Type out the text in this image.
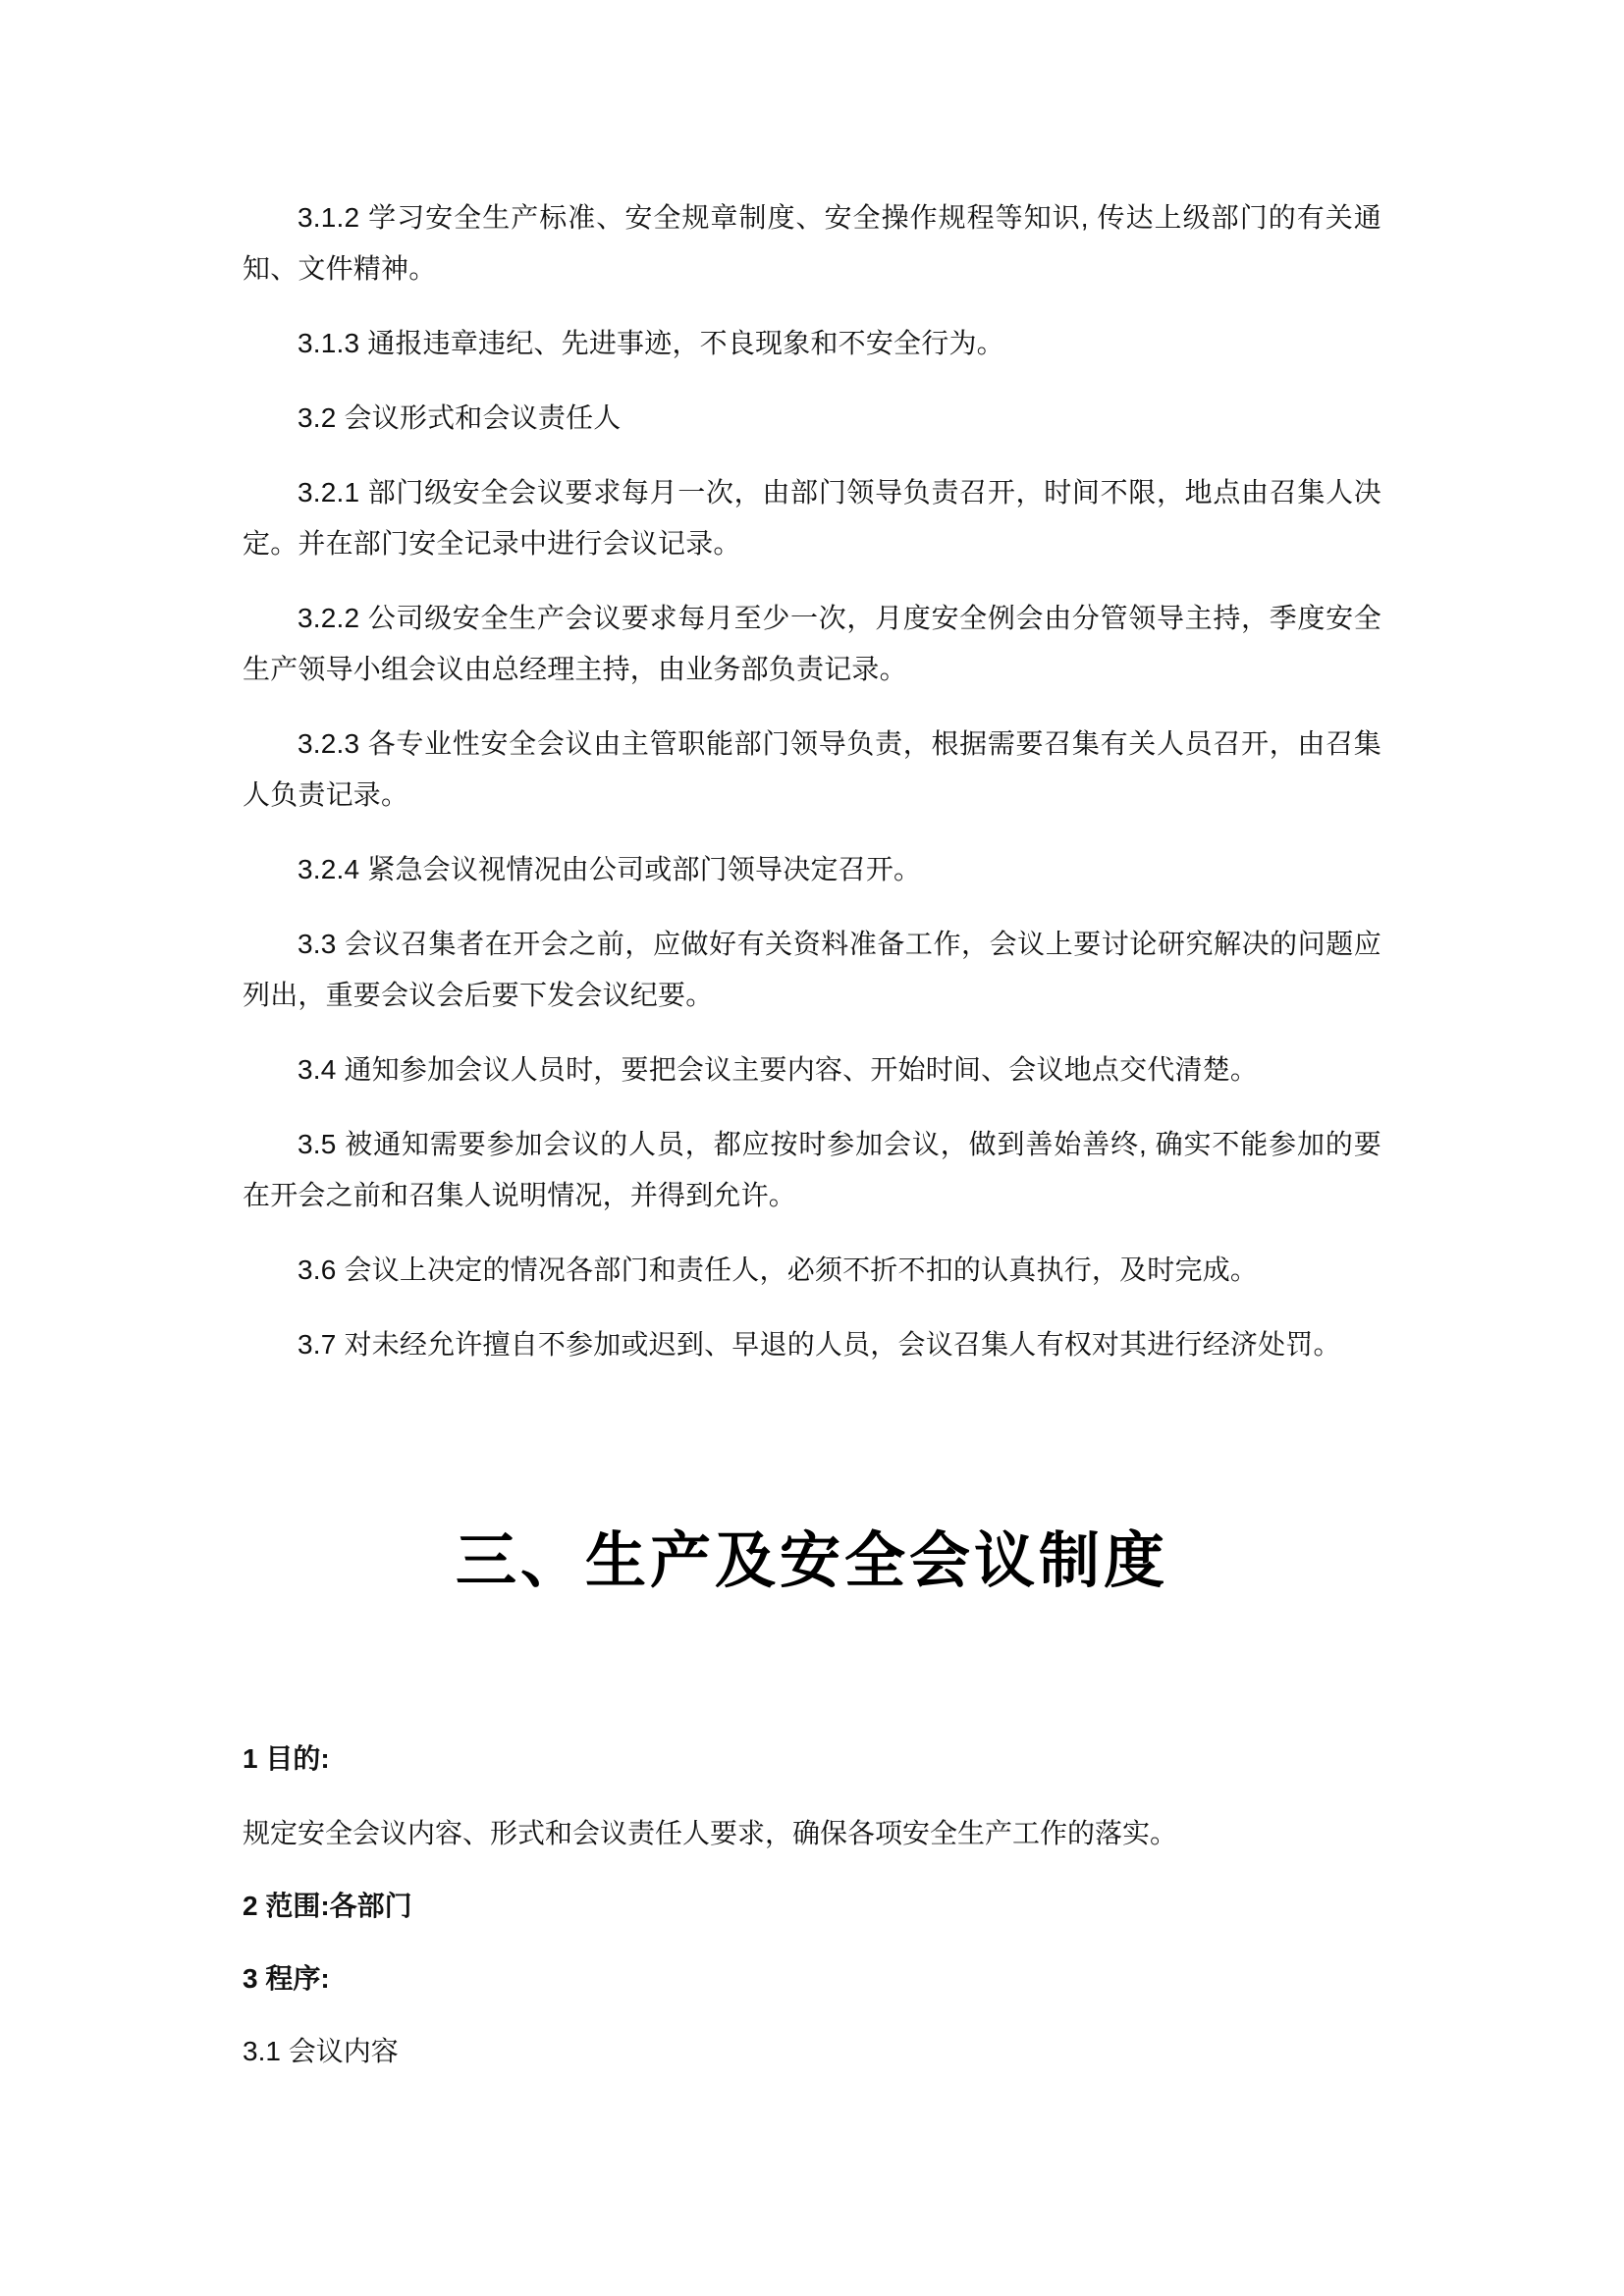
3.1.2 学习安全生产标准、安全规章制度、安全操作规程等知识, 传达上级部门的有关通知、文件精神。

3.1.3 通报违章违纪、先进事迹，不良现象和不安全行为。

3.2 会议形式和会议责任人

3.2.1 部门级安全会议要求每月一次，由部门领导负责召开，时间不限，地点由召集人决定。并在部门安全记录中进行会议记录。

3.2.2 公司级安全生产会议要求每月至少一次，月度安全例会由分管领导主持，季度安全生产领导小组会议由总经理主持，由业务部负责记录。

3.2.3 各专业性安全会议由主管职能部门领导负责，根据需要召集有关人员召开，由召集人负责记录。

3.2.4 紧急会议视情况由公司或部门领导决定召开。

3.3 会议召集者在开会之前，应做好有关资料准备工作，会议上要讨论研究解决的问题应列出，重要会议会后要下发会议纪要。

3.4 通知参加会议人员时，要把会议主要内容、开始时间、会议地点交代清楚。

3.5 被通知需要参加会议的人员，都应按时参加会议，做到善始善终, 确实不能参加的要在开会之前和召集人说明情况，并得到允许。

3.6 会议上决定的情况各部门和责任人，必须不折不扣的认真执行，及时完成。

3.7 对未经允许擅自不参加或迟到、早退的人员，会议召集人有权对其进行经济处罚。

三、生产及安全会议制度

1 目的:

规定安全会议内容、形式和会议责任人要求，确保各项安全生产工作的落实。

2 范围:各部门

3 程序:

3.1 会议内容
